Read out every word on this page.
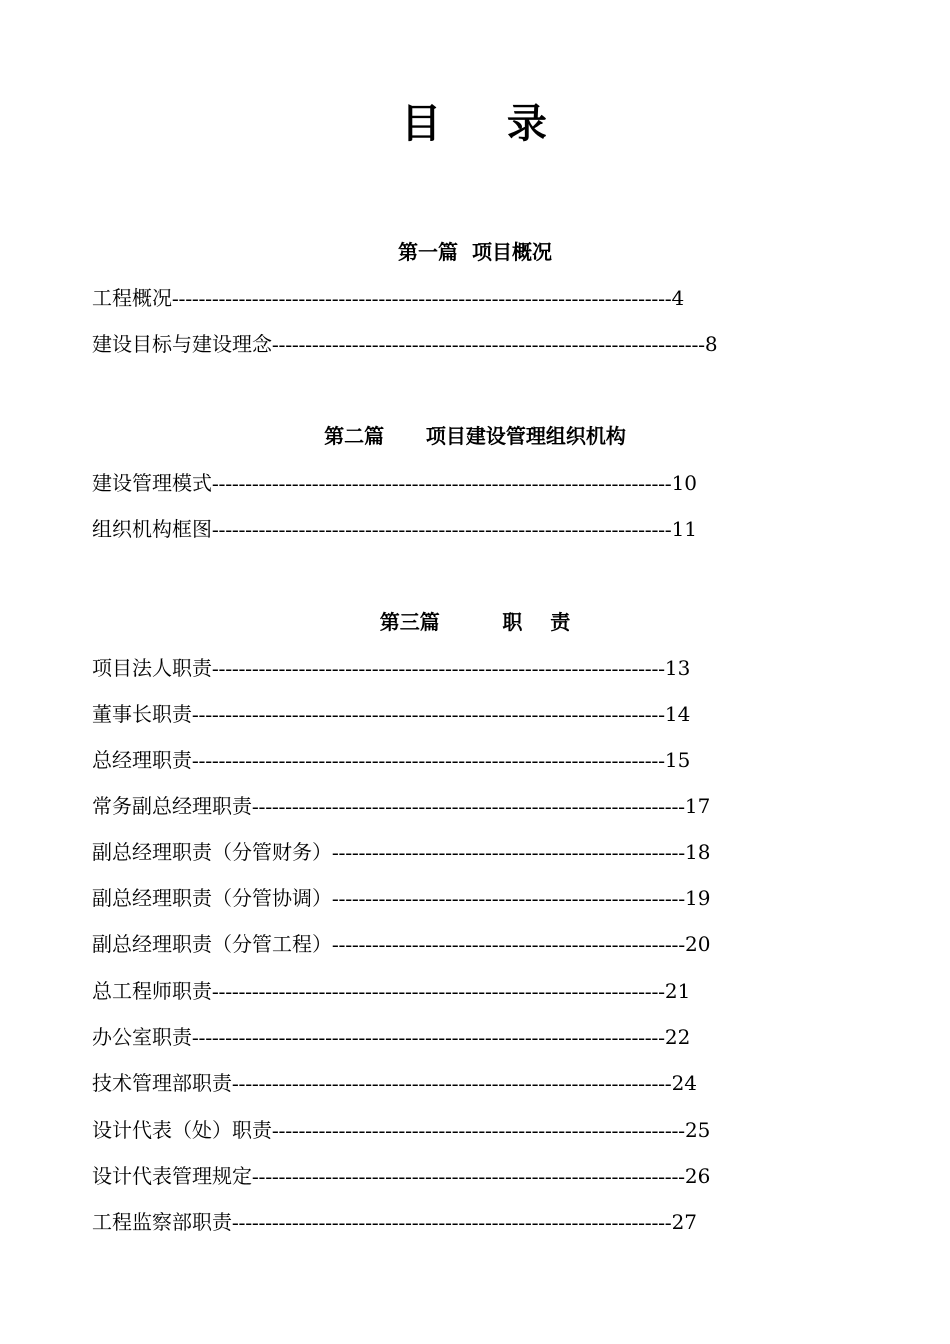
目    录
第一篇  项目概况
工程概况---------------------------------------------------------------------------4
建设目标与建设理念-----------------------------------------------------------------8
第二篇      项目建设管理组织机构
建设管理模式---------------------------------------------------------------------10
组织机构框图---------------------------------------------------------------------11
第三篇         职    责
项目法人职责--------------------------------------------------------------------13
董事长职责-----------------------------------------------------------------------14
总经理职责-----------------------------------------------------------------------15
常务副总经理职责-----------------------------------------------------------------17
副总经理职责（分管财务）-----------------------------------------------------18
副总经理职责（分管协调）-----------------------------------------------------19
副总经理职责（分管工程）-----------------------------------------------------20
总工程师职责--------------------------------------------------------------------21
办公室职责-----------------------------------------------------------------------22
技术管理部职责------------------------------------------------------------------24
设计代表（处）职责--------------------------------------------------------------25
设计代表管理规定-----------------------------------------------------------------26
工程监察部职责------------------------------------------------------------------27
